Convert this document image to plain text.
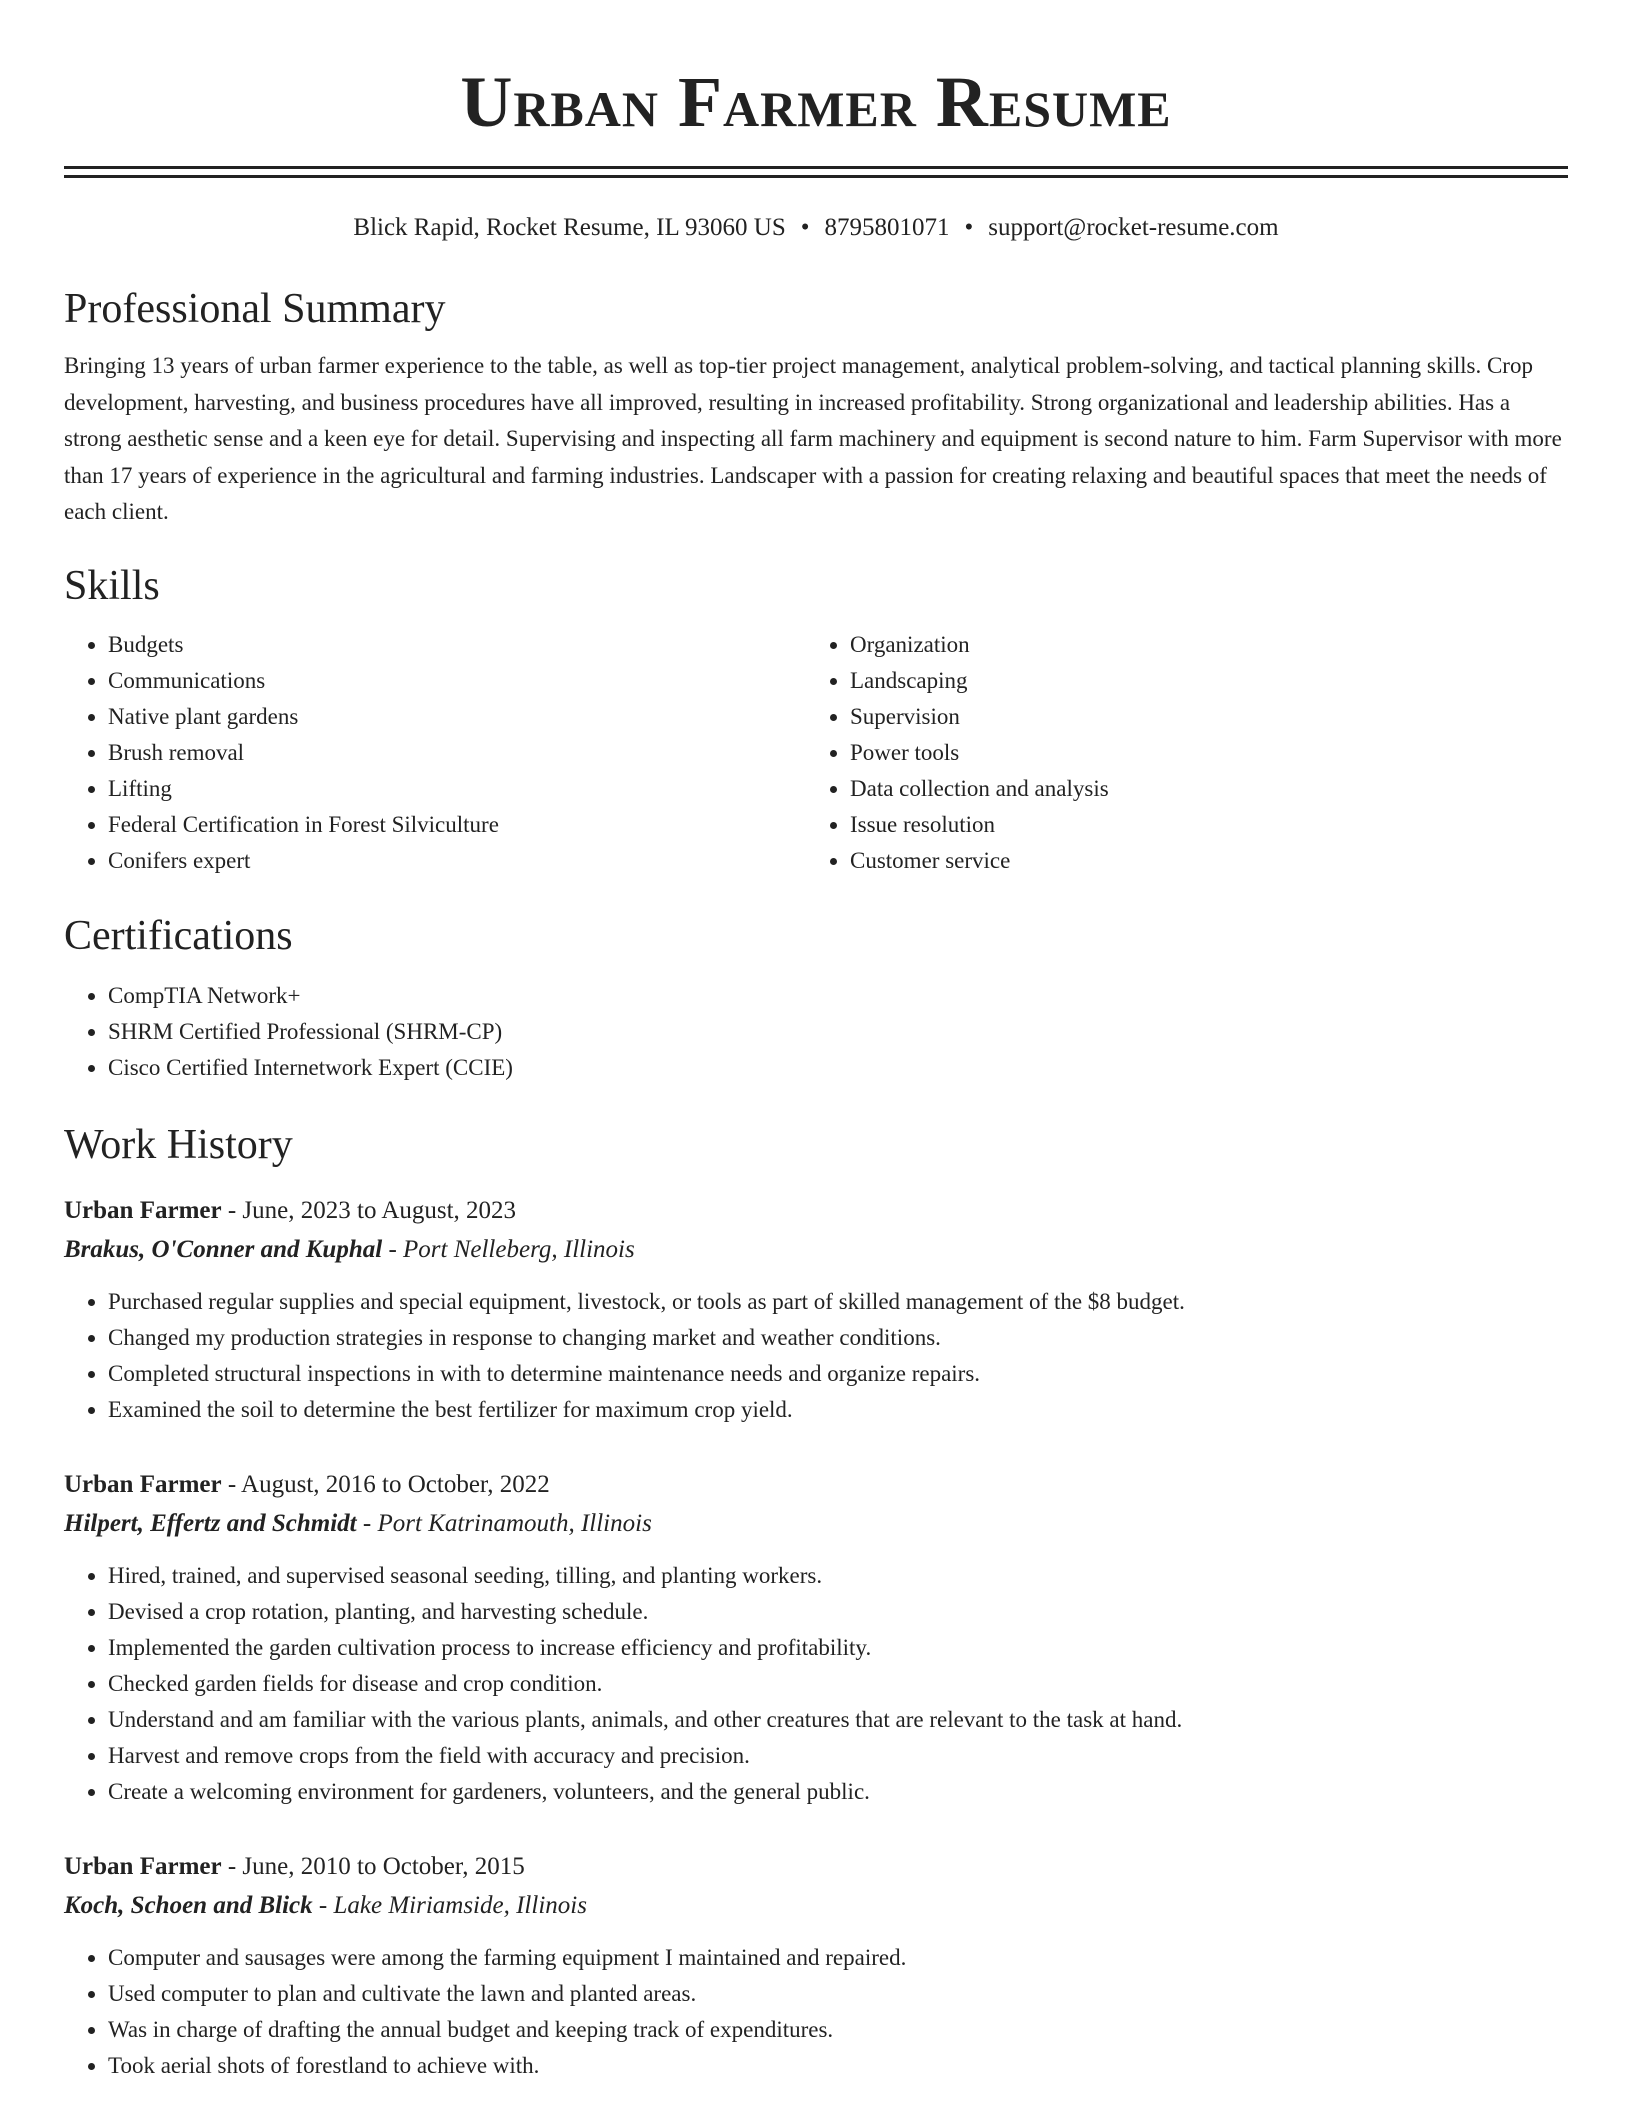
Urban Farmer Resume
Blick Rapid, Rocket Resume, IL 93060 US • 8795801071 • support@rocket-resume.com
Professional Summary

Bringing 13 years of urban farmer experience to the table, as well as top-tier project management, analytical problem-solving, and tactical planning skills. Crop development, harvesting, and business procedures have all improved, resulting in increased profitability. Strong organizational and leadership abilities. Has a strong aesthetic sense and a keen eye for detail. Supervising and inspecting all farm machinery and equipment is second nature to him. Farm Supervisor with more than 17 years of experience in the agricultural and farming industries. Landscaper with a passion for creating relaxing and beautiful spaces that meet the needs of each client.

Skills
• Budgets
• Communications
• Native plant gardens
• Brush removal
• Lifting
• Federal Certification in Forest Silviculture
• Conifers expert
• Organization
• Landscaping
• Supervision
• Power tools
• Data collection and analysis
• Issue resolution
• Customer service
Certifications
• CompTIA Network+
• SHRM Certified Professional (SHRM-CP)
• Cisco Certified Internetwork Expert (CCIE)
Work History
Urban Farmer - June, 2023 to August, 2023
Brakus, O'Conner and Kuphal - Port Nelleberg, Illinois
• Purchased regular supplies and special equipment, livestock, or tools as part of skilled management of the $8 budget.
• Changed my production strategies in response to changing market and weather conditions.
• Completed structural inspections in with to determine maintenance needs and organize repairs.
• Examined the soil to determine the best fertilizer for maximum crop yield.
Urban Farmer - August, 2016 to October, 2022
Hilpert, Effertz and Schmidt - Port Katrinamouth, Illinois
• Hired, trained, and supervised seasonal seeding, tilling, and planting workers.
• Devised a crop rotation, planting, and harvesting schedule.
• Implemented the garden cultivation process to increase efficiency and profitability.
• Checked garden fields for disease and crop condition.
• Understand and am familiar with the various plants, animals, and other creatures that are relevant to the task at hand.
• Harvest and remove crops from the field with accuracy and precision.
• Create a welcoming environment for gardeners, volunteers, and the general public.
Urban Farmer - June, 2010 to October, 2015
Koch, Schoen and Blick - Lake Miriamside, Illinois
• Computer and sausages were among the farming equipment I maintained and repaired.
• Used computer to plan and cultivate the lawn and planted areas.
• Was in charge of drafting the annual budget and keeping track of expenditures.
• Took aerial shots of forestland to achieve with.
